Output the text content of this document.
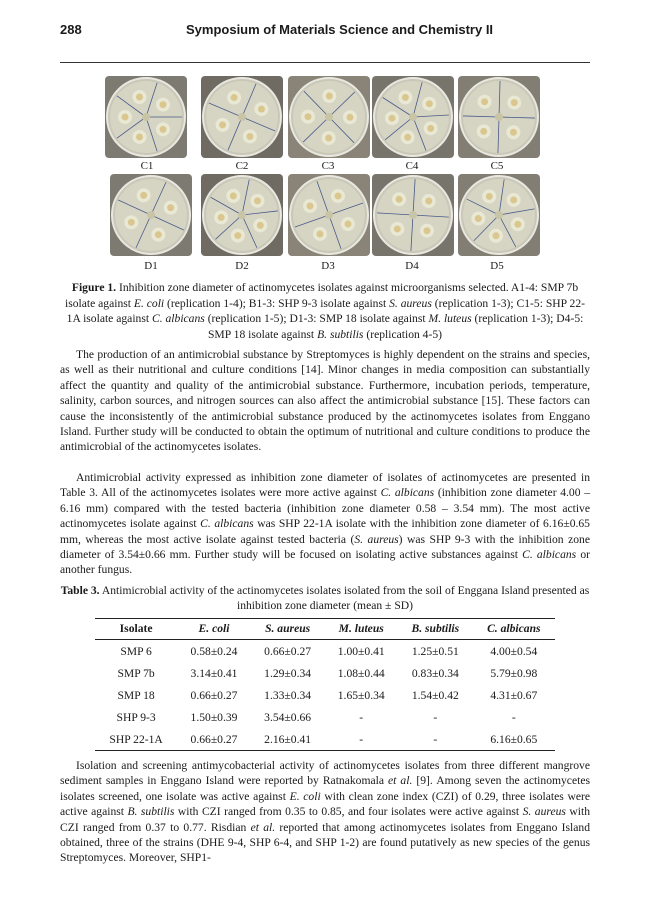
288	Symposium of Materials Science and Chemistry II
C1	C2	C3	C4	C5
D1	D2	D3	D4	D5
Figure 1. Inhibition zone diameter of actinomycetes isolates against microorganisms selected. A1-4: SMP 7b isolate against E. coli (replication 1-4); B1-3: SHP 9-3 isolate against S. aureus (replication 1-3); C1-5: SHP 22-1A isolate against C. albicans (replication 1-5); D1-3: SMP 18 isolate against M. luteus (replication 1-3); D4-5: SMP 18 isolate against B. subtilis (replication 4-5)

The production of an antimicrobial substance by Streptomyces is highly dependent on the strains and species, as well as their nutritional and culture conditions [14]. Minor changes in media composition can substantially affect the quantity and quality of the antimicrobial substance. Furthermore, incubation periods, temperature, salinity, carbon sources, and nitrogen sources can also affect the antimicrobial substance [15]. These factors can cause the inconsistently of the antimicrobial substance produced by the actinomycetes isolates from Enggano Island. Further study will be conducted to obtain the optimum of nutritional and culture conditions to produce the antimicrobial of the actinomycetes isolates.

Antimicrobial activity expressed as inhibition zone diameter of isolates of actinomycetes are presented in Table 3. All of the actinomycetes isolates were more active against C. albicans (inhibition zone diameter 4.00 – 6.16 mm) compared with the tested bacteria (inhibition zone diameter 0.58 – 3.54 mm). The most active actinomycetes isolate against C. albicans was SHP 22-1A isolate with the inhibition zone diameter of 6.16±0.65 mm, whereas the most active isolate against tested bacteria (S. aureus) was SHP 9-3 with the inhibition zone diameter of 3.54±0.66 mm. Further study will be focused on isolating active substances against C. albicans or another fungus.

Table 3. Antimicrobial activity of the actinomycetes isolates isolated from the soil of Enggana Island presented as inhibition zone diameter (mean ± SD)
Isolate	E. coli	S. aureus	M. luteus	B. subtilis	C. albicans
SMP 6	0.58±0.24	0.66±0.27	1.00±0.41	1.25±0.51	4.00±0.54
SMP 7b	3.14±0.41	1.29±0.34	1.08±0.44	0.83±0.34	5.79±0.98
SMP 18	0.66±0.27	1.33±0.34	1.65±0.34	1.54±0.42	4.31±0.67
SHP 9-3	1.50±0.39	3.54±0.66	-	-	-
SHP 22-1A	0.66±0.27	2.16±0.41	-	-	6.16±0.65

Isolation and screening antimycobacterial activity of actinomycetes isolates from three different mangrove sediment samples in Enggano Island were reported by Ratnakomala et al. [9]. Among seven the actinomycetes isolates screened, one isolate was active against E. coli with clean zone index (CZI) of 0.29, three isolates were active against B. subtilis with CZI ranged from 0.35 to 0.85, and four isolates were active against S. aureus with CZI ranged from 0.37 to 0.77. Risdian et al. reported that among actinomycetes isolates from Enggano Island obtained, three of the strains (DHE 9-4, SHP 6-4, and SHP 1-2) are found putatively as new species of the genus Streptomyces. Moreover, SHP1-
